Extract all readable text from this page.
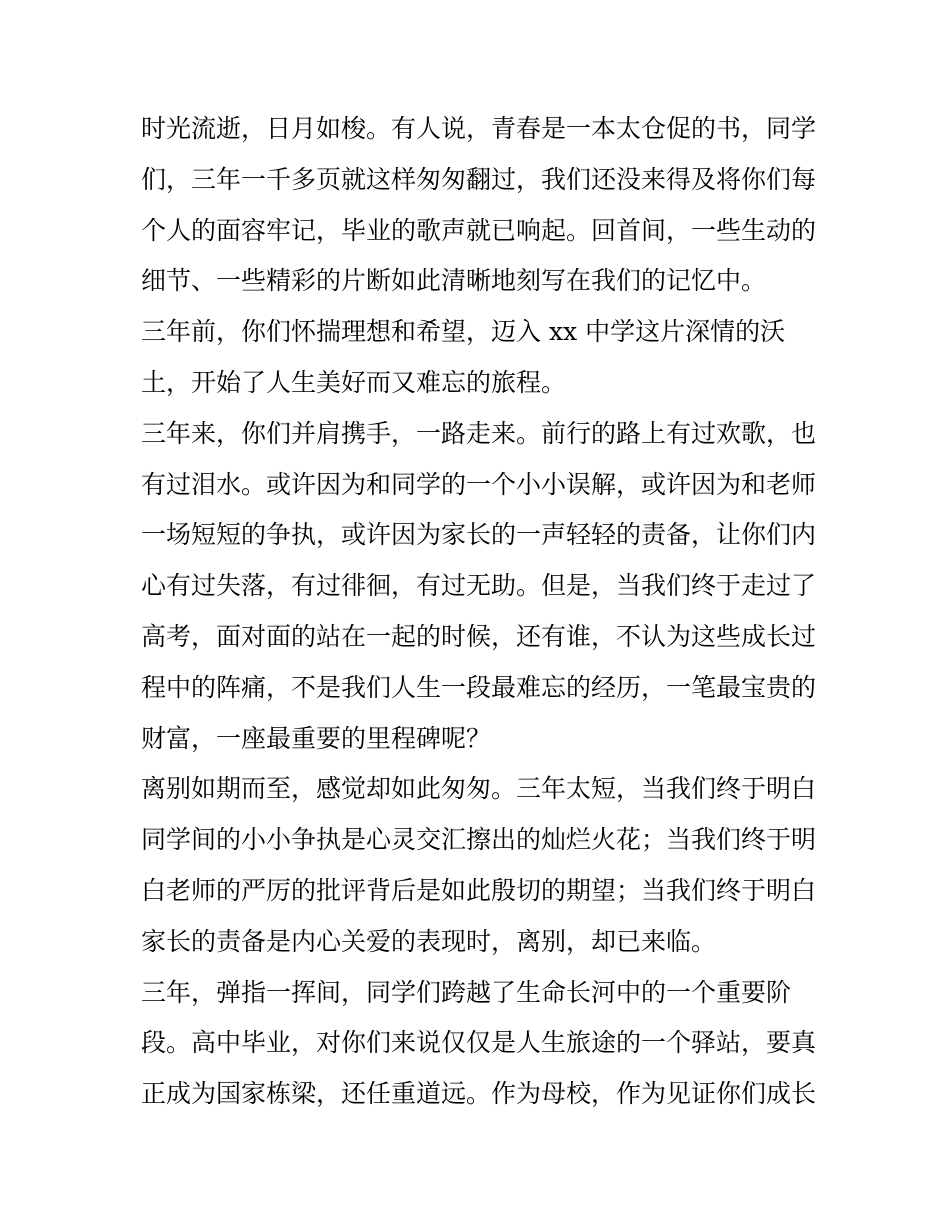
时光流逝，日月如梭。有人说，青春是一本太仓促的书，同学
们，三年一千多页就这样匆匆翻过，我们还没来得及将你们每
个人的面容牢记，毕业的歌声就已响起。回首间，一些生动的
细节、一些精彩的片断如此清晰地刻写在我们的记忆中。
三年前，你们怀揣理想和希望，迈入 xx 中学这片深情的沃
土，开始了人生美好而又难忘的旅程。
三年来，你们并肩携手，一路走来。前行的路上有过欢歌，也
有过泪水。或许因为和同学的一个小小误解，或许因为和老师
一场短短的争执，或许因为家长的一声轻轻的责备，让你们内
心有过失落，有过徘徊，有过无助。但是，当我们终于走过了
高考，面对面的站在一起的时候，还有谁，不认为这些成长过
程中的阵痛，不是我们人生一段最难忘的经历，一笔最宝贵的
财富，一座最重要的里程碑呢？
离别如期而至，感觉却如此匆匆。三年太短，当我们终于明白
同学间的小小争执是心灵交汇擦出的灿烂火花；当我们终于明
白老师的严厉的批评背后是如此殷切的期望；当我们终于明白
家长的责备是内心关爱的表现时，离别，却已来临。
三年，弹指一挥间，同学们跨越了生命长河中的一个重要阶
段。高中毕业，对你们来说仅仅是人生旅途的一个驿站，要真
正成为国家栋梁，还任重道远。作为母校，作为见证你们成长
